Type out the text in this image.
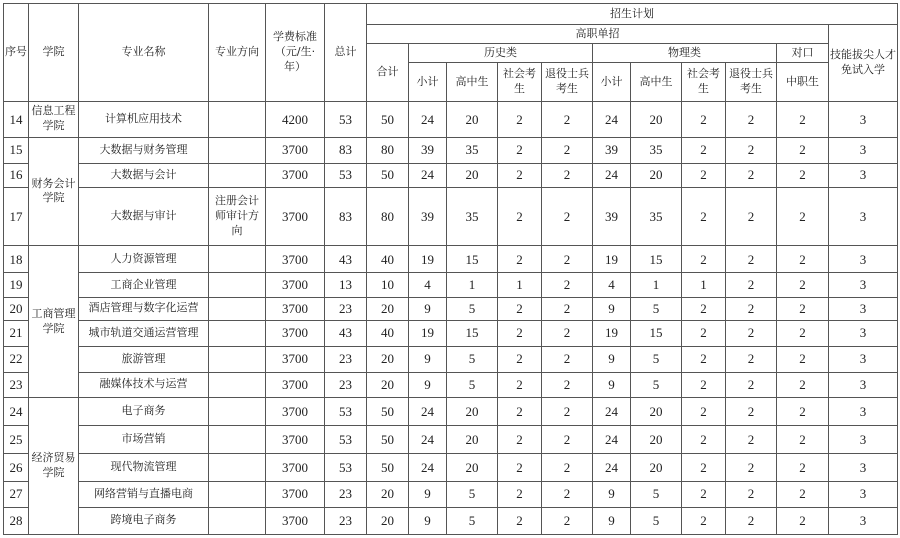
序号	学院	专业名称	专业方向	学费标准（元/生·年）	总计	招生计划										
						高职单招										技能拔尖人才免试入学
						合计	历史类				物理类				对口	
							小计	高中生	社会考生	退役士兵考生	小计	高中生	社会考生	退役士兵考生	中职生	
14	信息工程学院	计算机应用技术		4200	53	50	24	20	2	2	24	20	2	2	2	3
15	财务会计学院	大数据与财务管理		3700	83	80	39	35	2	2	39	35	2	2	2	3
16		大数据与会计		3700	53	50	24	20	2	2	24	20	2	2	2	3
17		大数据与审计	注册会计师审计方向	3700	83	80	39	35	2	2	39	35	2	2	2	3
18	工商管理学院	人力资源管理		3700	43	40	19	15	2	2	19	15	2	2	2	3
19		工商企业管理		3700	13	10	4	1	1	2	4	1	1	2	2	3
20		酒店管理与数字化运营		3700	23	20	9	5	2	2	9	5	2	2	2	3
21		城市轨道交通运营管理		3700	43	40	19	15	2	2	19	15	2	2	2	3
22		旅游管理		3700	23	20	9	5	2	2	9	5	2	2	2	3
23		融媒体技术与运营		3700	23	20	9	5	2	2	9	5	2	2	2	3
24	经济贸易学院	电子商务		3700	53	50	24	20	2	2	24	20	2	2	2	3
25		市场营销		3700	53	50	24	20	2	2	24	20	2	2	2	3
26		现代物流管理		3700	53	50	24	20	2	2	24	20	2	2	2	3
27		网络营销与直播电商		3700	23	20	9	5	2	2	9	5	2	2	2	3
28		跨境电子商务		3700	23	20	9	5	2	2	9	5	2	2	2	3
